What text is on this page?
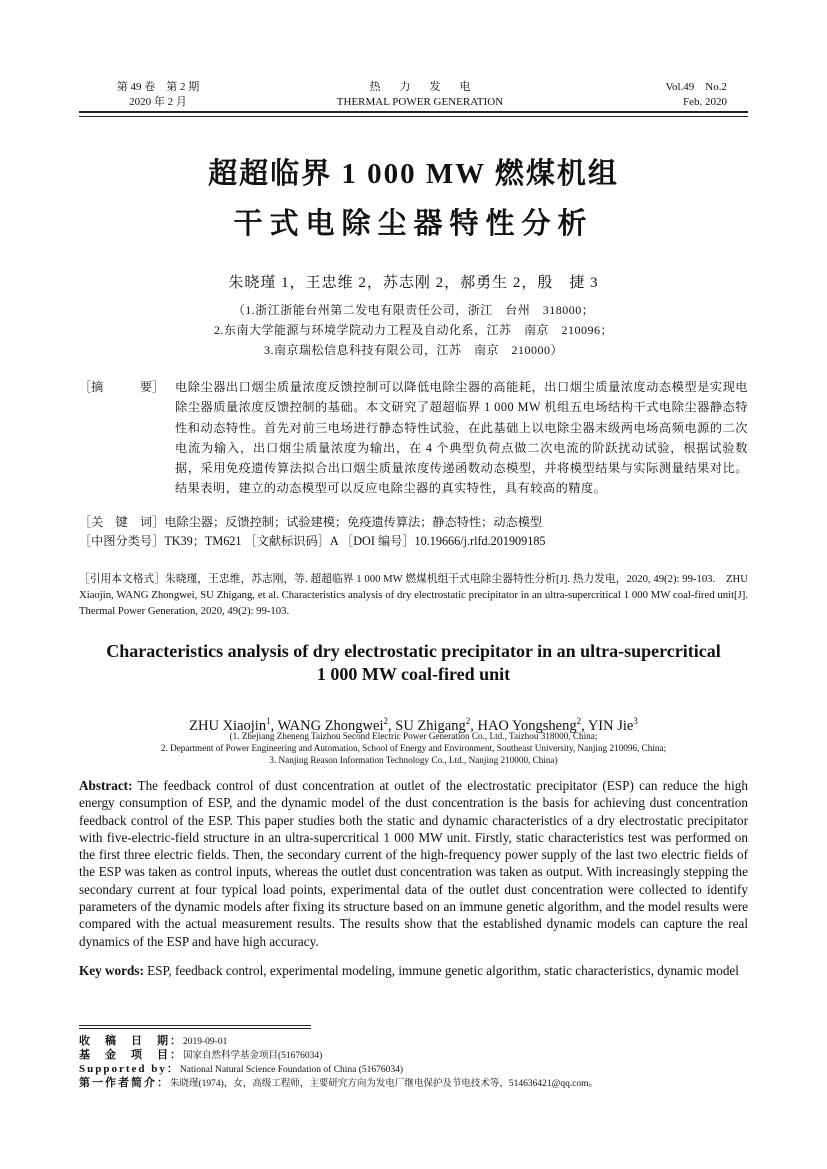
第 49 卷　第 2 期
2020 年 2 月
热力发电
THERMAL POWER GENERATION
Vol.49　No.2
Feb. 2020
超超临界 1 000 MW 燃煤机组
干式电除尘器特性分析
朱晓瑾 1，王忠维 2，苏志刚 2，郝勇生 2，殷　捷 3
（1.浙江浙能台州第二发电有限责任公司，浙江　台州　318000；
2.东南大学能源与环境学院动力工程及自动化系，江苏　南京　210096；
3.南京瑞松信息科技有限公司，江苏　南京　210000）
［摘　　　要］ 电除尘器出口烟尘质量浓度反馈控制可以降低电除尘器的高能耗，出口烟尘质量浓度动态模型是实现电除尘器质量浓度反馈控制的基础。本文研究了超超临界 1 000 MW 机组五电场结构干式电除尘器静态特性和动态特性。首先对前三电场进行静态特性试验，在此基础上以电除尘器末级两电场高频电源的二次电流为输入，出口烟尘质量浓度为输出，在 4 个典型负荷点做二次电流的阶跃扰动试验，根据试验数据，采用免疫遗传算法拟合出口烟尘质量浓度传递函数动态模型，并将模型结果与实际测量结果对比。结果表明，建立的动态模型可以反应电除尘器的真实特性，具有较高的精度。
［关　键　词］电除尘器；反馈控制；试验建模；免疫遗传算法；静态特性；动态模型
［中图分类号］TK39；TM621 ［文献标识码］A ［DOI 编号］10.19666/j.rlfd.201909185
［引用本文格式］朱晓瑾，王忠维，苏志刚，等. 超超临界 1 000 MW 燃煤机组干式电除尘器特性分析[J]. 热力发电，2020, 49(2): 99-103.　ZHU Xiaojin, WANG Zhongwei, SU Zhigang, et al. Characteristics analysis of dry electrostatic precipitator in an ultra-supercritical 1 000 MW coal-fired unit[J]. Thermal Power Generation, 2020, 49(2): 99-103.
Characteristics analysis of dry electrostatic precipitator in an ultra-supercritical
1 000 MW coal-fired unit
ZHU Xiaojin$^1$, WANG Zhongwei$^2$, SU Zhigang$^2$, HAO Yongsheng$^2$, YIN Jie$^3$
(1. Zhejiang Zheneng Taizhou Second Electric Power Generation Co., Ltd., Taizhou 318000, China;
2. Department of Power Engineering and Automation, School of Energy and Environment, Southeast University, Nanjing 210096, China;
3. Nanjing Reason Information Technology Co., Ltd., Nanjing 210000, China)
Abstract: The feedback control of dust concentration at outlet of the electrostatic precipitator (ESP) can reduce the high energy consumption of ESP, and the dynamic model of the dust concentration is the basis for achieving dust concentration feedback control of the ESP. This paper studies both the static and dynamic characteristics of a dry electrostatic precipitator with five-electric-field structure in an ultra-supercritical 1 000 MW unit. Firstly, static characteristics test was performed on the first three electric fields. Then, the secondary current of the high-frequency power supply of the last two electric fields of the ESP was taken as control inputs, whereas the outlet dust concentration was taken as output. With increasingly stepping the secondary current at four typical load points, experimental data of the outlet dust concentration were collected to identify parameters of the dynamic models after fixing its structure based on an immune genetic algorithm, and the model results were compared with the actual measurement results. The results show that the established dynamic models can capture the real dynamics of the ESP and have high accuracy.
Key words: ESP, feedback control, experimental modeling, immune genetic algorithm, static characteristics, dynamic model
收　稿　日　期：2019-09-01
基　金　项　目：国家自然科学基金项目(51676034)
Supported by：National Natural Science Foundation of China (51676034)
第一作者简介：朱晓瑾(1974)，女，高级工程师，主要研究方向为发电厂继电保护及节电技术等，514636421@qq.com。
